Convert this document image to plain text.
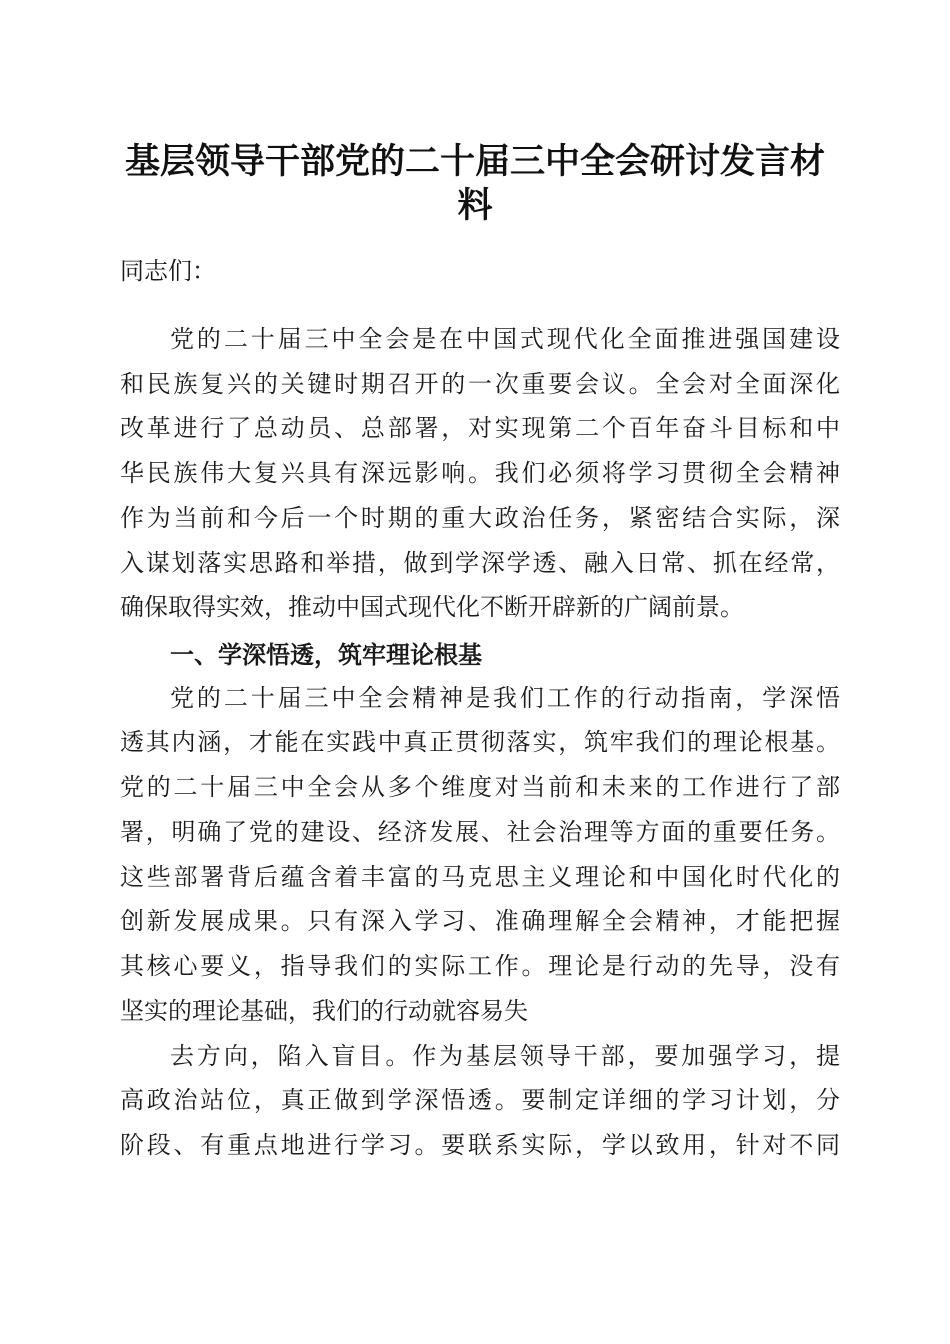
基层领导干部党的二十届三中全会研讨发言材
料
同志们：
党的二十届三中全会是在中国式现代化全面推进强国建设
和民族复兴的关键时期召开的一次重要会议。全会对全面深化
改革进行了总动员、总部署，对实现第二个百年奋斗目标和中
华民族伟大复兴具有深远影响。我们必须将学习贯彻全会精神
作为当前和今后一个时期的重大政治任务，紧密结合实际，深
入谋划落实思路和举措，做到学深学透、融入日常、抓在经常，
确保取得实效，推动中国式现代化不断开辟新的广阔前景。
一、学深悟透，筑牢理论根基
党的二十届三中全会精神是我们工作的行动指南，学深悟
透其内涵，才能在实践中真正贯彻落实，筑牢我们的理论根基。
党的二十届三中全会从多个维度对当前和未来的工作进行了部
署，明确了党的建设、经济发展、社会治理等方面的重要任务。
这些部署背后蕴含着丰富的马克思主义理论和中国化时代化的
创新发展成果。只有深入学习、准确理解全会精神，才能把握
其核心要义，指导我们的实际工作。理论是行动的先导，没有
坚实的理论基础，我们的行动就容易失
去方向，陷入盲目。作为基层领导干部，要加强学习，提
高政治站位，真正做到学深悟透。要制定详细的学习计划，分
阶段、有重点地进行学习。要联系实际，学以致用，针对不同
